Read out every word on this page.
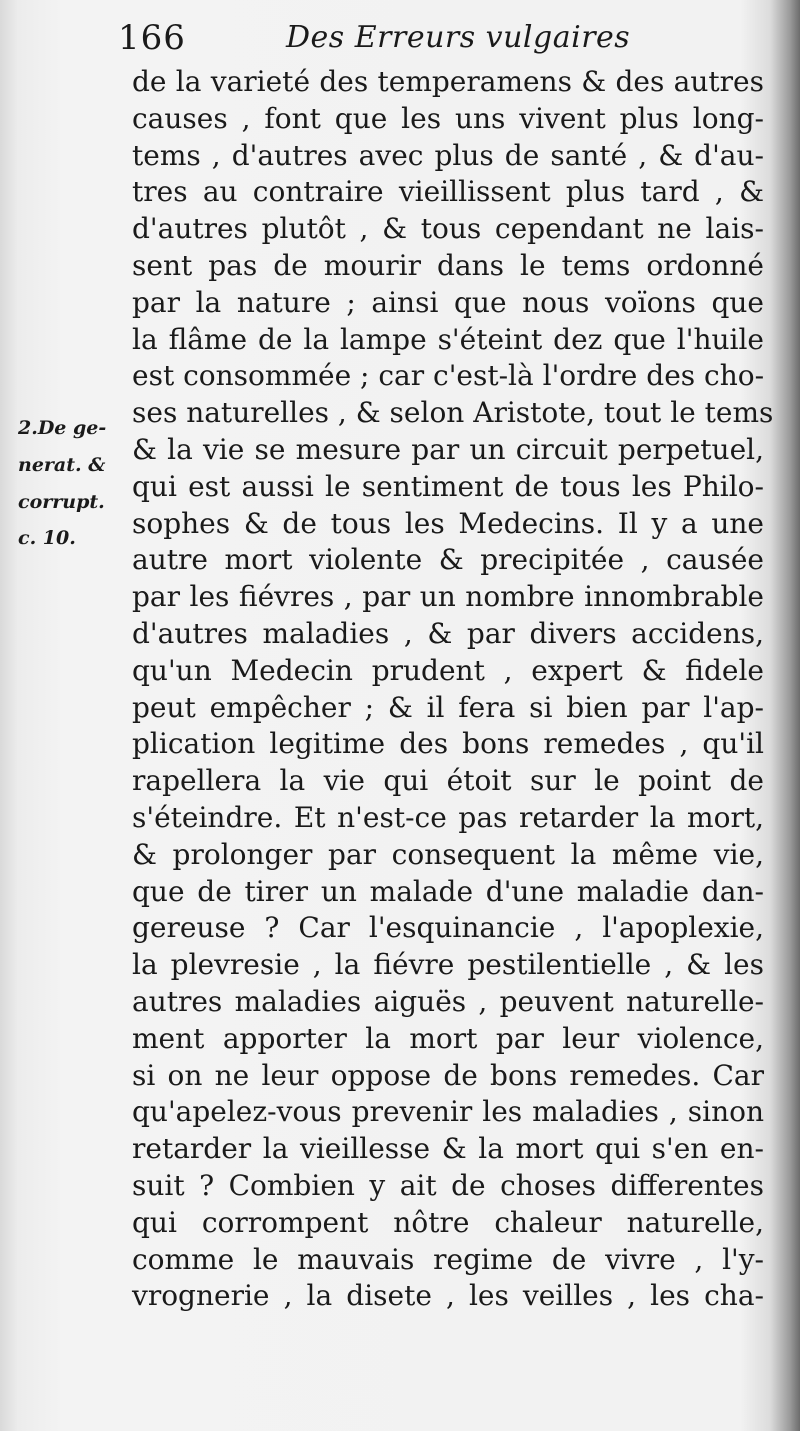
166	Des Erreurs vulgaires
2.De ge-
nerat. &
corrupt.
c. 10.
de la varieté des temperamens & des autres
causes , font que les uns vivent plus long-
tems , d'autres avec plus de santé , & d'au-
tres au contraire vieillissent plus tard , &
d'autres plutôt , & tous cependant ne lais-
sent pas de mourir dans le tems ordonné
par la nature ; ainsi que nous voïons que
la flâme de la lampe s'éteint dez que l'huile
est consommée ; car c'est-là l'ordre des cho-
ses naturelles , & selon Aristote, tout le tems
& la vie se mesure par un circuit perpetuel,
qui est aussi le sentiment de tous les Philo-
sophes & de tous les Medecins. Il y a une
autre mort violente & precipitée , causée
par les fiévres , par un nombre innombrable
d'autres maladies , & par divers accidens,
qu'un Medecin prudent , expert & fidele
peut empêcher ; & il fera si bien par l'ap-
plication legitime des bons remedes , qu'il
rapellera la vie qui étoit sur le point de
s'éteindre. Et n'est-ce pas retarder la mort,
& prolonger par consequent la même vie,
que de tirer un malade d'une maladie dan-
gereuse ? Car l'esquinancie , l'apoplexie,
la plevresie , la fiévre pestilentielle , & les
autres maladies aiguës , peuvent naturelle-
ment apporter la mort par leur violence,
si on ne leur oppose de bons remedes. Car
qu'apelez-vous prevenir les maladies , sinon
retarder la vieillesse & la mort qui s'en en-
suit ? Combien y ait de choses differentes
qui corrompent nôtre chaleur naturelle,
comme le mauvais regime de vivre , l'y-
vrognerie , la disete , les veilles , les cha-
